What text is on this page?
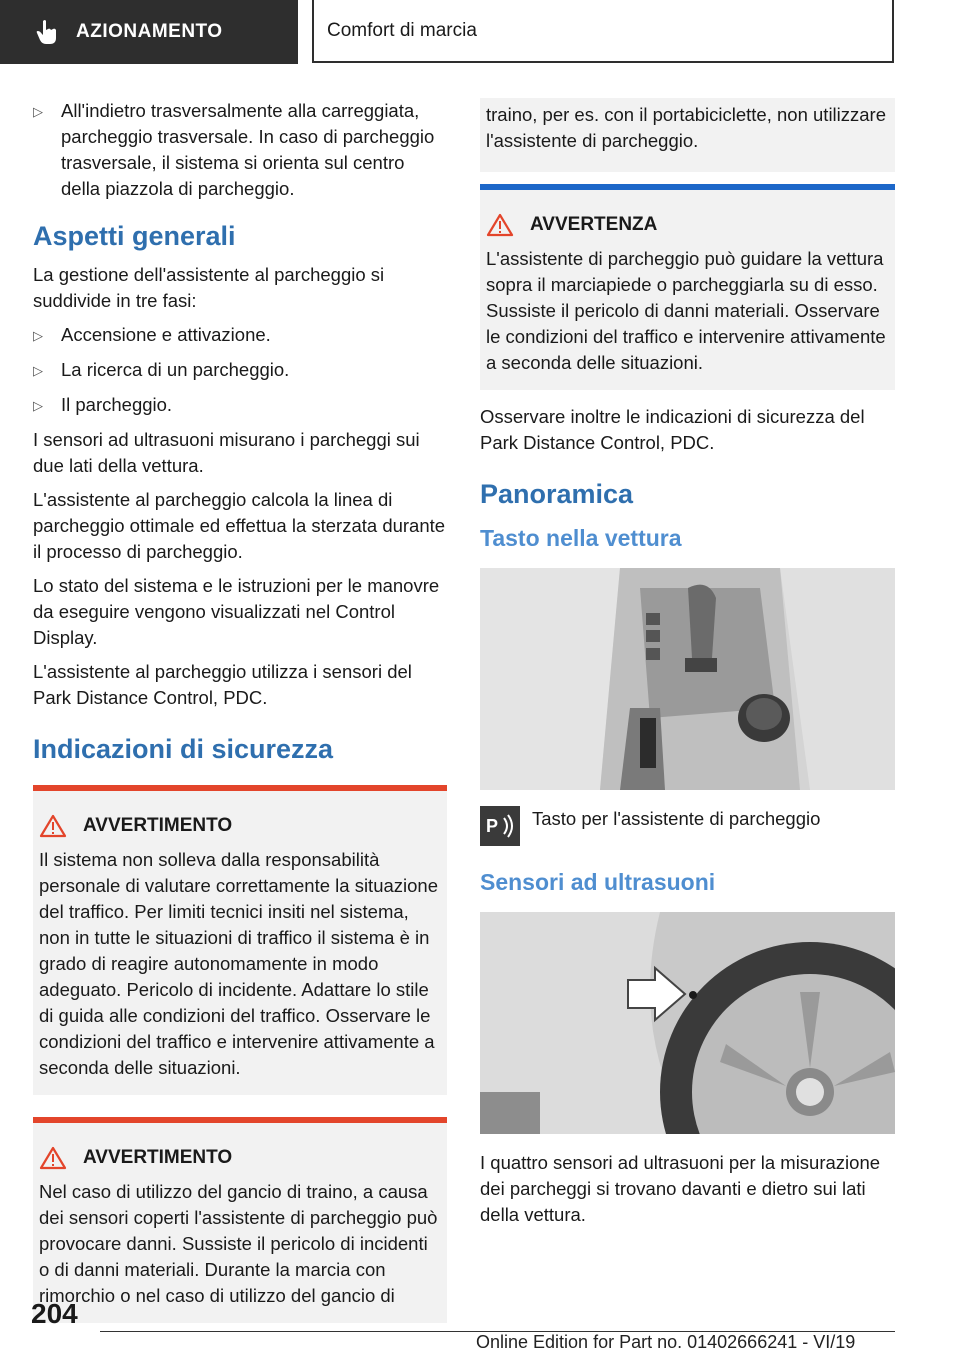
AZIONAMENTO	Comfort di marcia
▷ All'indietro trasversalmente alla carreggiata, parcheggio trasversale. In caso di parcheggio trasversale, il sistema si orienta sul centro della piazzola di parcheggio.
Aspetti generali
La gestione dell'assistente al parcheggio si suddivide in tre fasi:
▷ Accensione e attivazione.
▷ La ricerca di un parcheggio.
▷ Il parcheggio.
I sensori ad ultrasuoni misurano i parcheggi sui due lati della vettura.
L'assistente al parcheggio calcola la linea di parcheggio ottimale ed effettua la sterzata durante il processo di parcheggio.
Lo stato del sistema e le istruzioni per le manovre da eseguire vengono visualizzati nel Control Display.
L'assistente al parcheggio utilizza i sensori del Park Distance Control, PDC.
Indicazioni di sicurezza
AVVERTIMENTO
Il sistema non solleva dalla responsabilità personale di valutare correttamente la situazione del traffico. Per limiti tecnici insiti nel sistema, non in tutte le situazioni di traffico il sistema è in grado di reagire autonomamente in modo adeguato. Pericolo di incidente. Adattare lo stile di guida alle condizioni del traffico. Osservare le condizioni del traffico e intervenire attivamente a seconda delle situazioni.
AVVERTIMENTO
Nel caso di utilizzo del gancio di traino, a causa dei sensori coperti l'assistente di parcheggio può provocare danni. Sussiste il pericolo di incidenti o di danni materiali. Durante la marcia con rimorchio o nel caso di utilizzo del gancio di
traino, per es. con il portabiciclette, non utilizzare l'assistente di parcheggio.
AVVERTENZA
L'assistente di parcheggio può guidare la vettura sopra il marciapiede o parcheggiarla su di esso. Sussiste il pericolo di danni materiali. Osservare le condizioni del traffico e intervenire attivamente a seconda delle situazioni.
Osservare inoltre le indicazioni di sicurezza del Park Distance Control, PDC.
Panoramica
Tasto nella vettura
P Tasto per l'assistente di parcheggio
Sensori ad ultrasuoni
I quattro sensori ad ultrasuoni per la misurazione dei parcheggi si trovano davanti e dietro sui lati della vettura.
204
Online Edition for Part no. 01402666241 - VI/19
